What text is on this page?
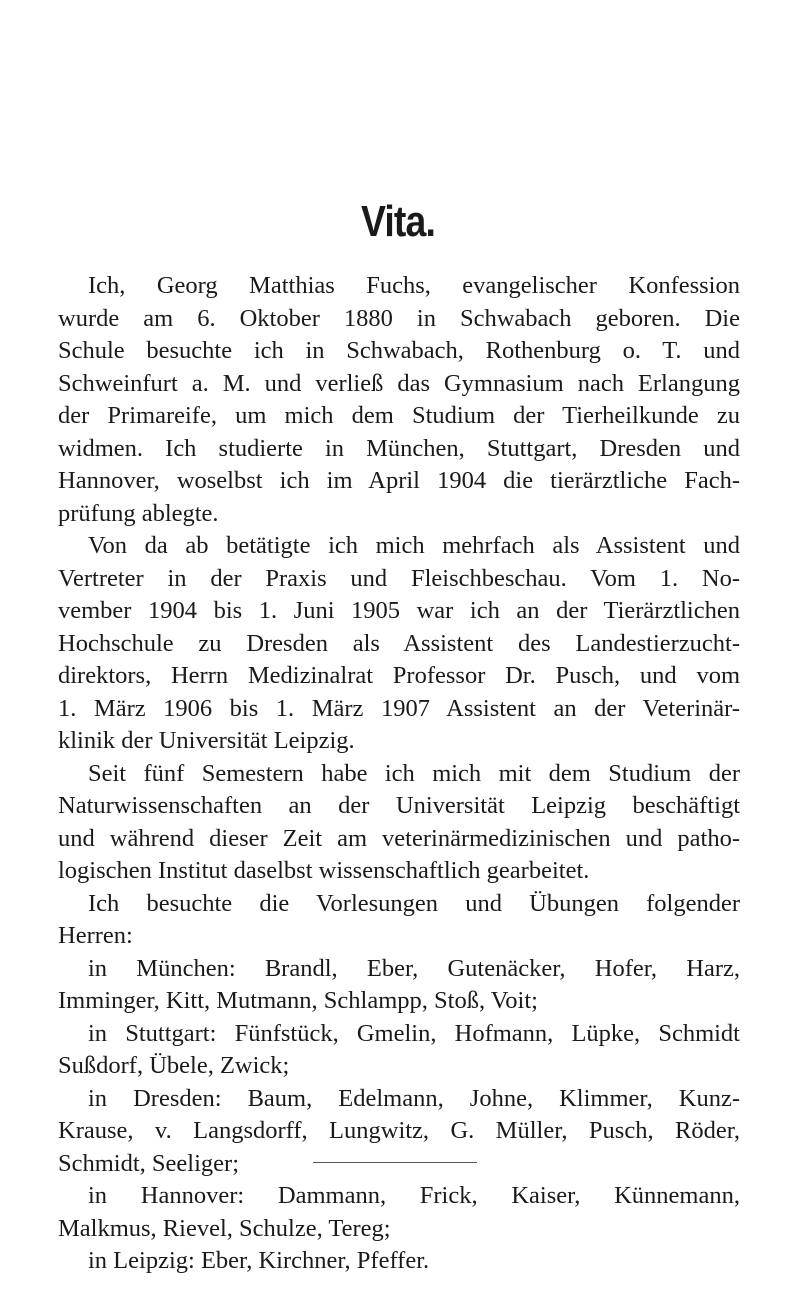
Vita.
Ich, Georg Matthias Fuchs, evangelischer Konfession
wurde am 6. Oktober 1880 in Schwabach geboren. Die
Schule besuchte ich in Schwabach, Rothenburg o. T. und
Schweinfurt a. M. und verließ das Gymnasium nach Erlangung
der Primareife, um mich dem Studium der Tierheilkunde zu
widmen. Ich studierte in München, Stuttgart, Dresden und
Hannover, woselbst ich im April 1904 die tierärztliche Fach-
prüfung ablegte.
Von da ab betätigte ich mich mehrfach als Assistent und
Vertreter in der Praxis und Fleischbeschau. Vom 1. No-
vember 1904 bis 1. Juni 1905 war ich an der Tierärztlichen
Hochschule zu Dresden als Assistent des Landestierzucht-
direktors, Herrn Medizinalrat Professor Dr. Pusch, und vom
1. März 1906 bis 1. März 1907 Assistent an der Veterinär-
klinik der Universität Leipzig.
Seit fünf Semestern habe ich mich mit dem Studium der
Naturwissenschaften an der Universität Leipzig beschäftigt
und während dieser Zeit am veterinärmedizinischen und patho-
logischen Institut daselbst wissenschaftlich gearbeitet.
Ich besuchte die Vorlesungen und Übungen folgender
Herren:
in München: Brandl, Eber, Gutenäcker, Hofer, Harz,
Imminger, Kitt, Mutmann, Schlampp, Stoß, Voit;
in Stuttgart: Fünfstück, Gmelin, Hofmann, Lüpke, Schmidt
Sußdorf, Übele, Zwick;
in Dresden: Baum, Edelmann, Johne, Klimmer, Kunz-
Krause, v. Langsdorff, Lungwitz, G. Müller, Pusch, Röder,
Schmidt, Seeliger;
in Hannover: Dammann, Frick, Kaiser, Künnemann,
Malkmus, Rievel, Schulze, Tereg;
in Leipzig: Eber, Kirchner, Pfeffer.
